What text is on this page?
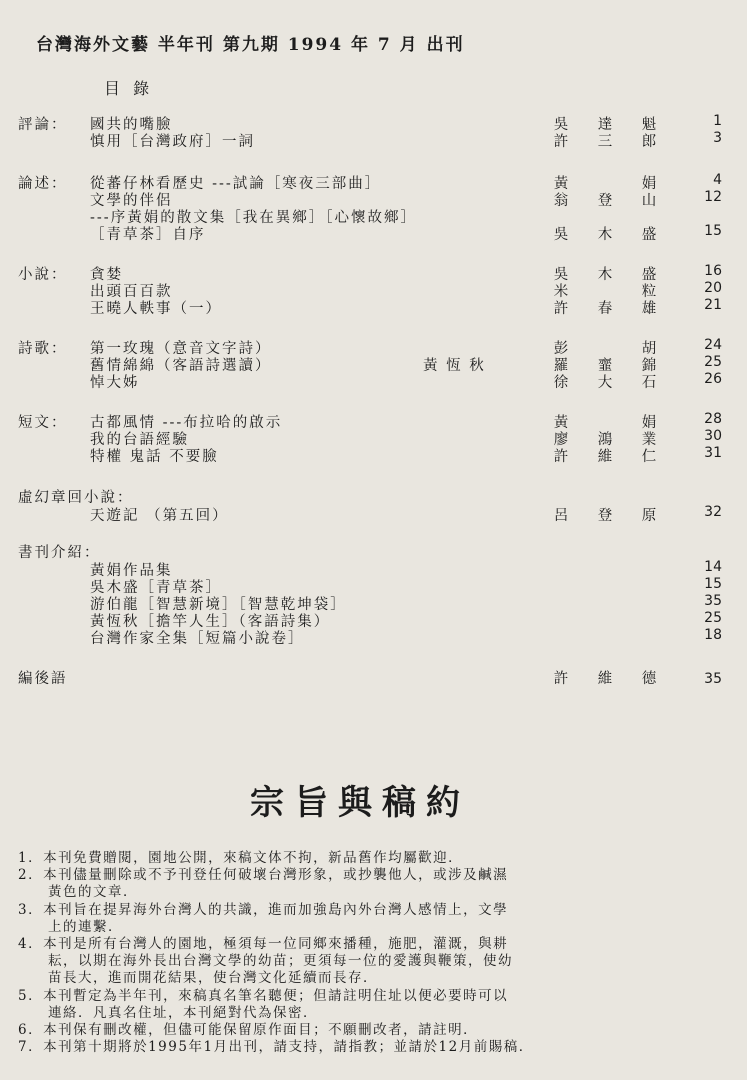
台灣海外文藝 半年刊 第九期 1994 年 7 月 出刊
目 錄
評論： 國共的嘴臉	吳 達 魁	1
慎用［台灣政府］一詞	許 三 郎	3
論述： 從蕃仔林看歷史 ---試論［寒夜三部曲］	黃	娟	4
文學的伴侶	翁 登 山	12
---序黃娟的散文集［我在異鄉］［心懷故鄉］
［青草茶］自序	吳 木 盛	15
小說： 貪婪	吳 木 盛	16
出頭百百款	米	粒	20
王曉人軼事（一）	許 春 雄	21
詩歌： 第一玫瑰（意音文字詩）	彭	胡	24
舊情綿綿（客語詩選讀）	黃 恆 秋	羅 韲 錦	25
悼大姊	徐 大 石	26
短文： 古都風情 ---布拉哈的啟示	黃	娟	28
我的台語經驗	廖 鴻 業	30
特權 鬼話 不要臉	許 維 仁	31
虛幻章回小說：
天遊記 （第五回）	呂 登 原	32
書刊介紹：
黃娟作品集	14
吳木盛［青草茶］	15
游伯龍［智慧新境］［智慧乾坤袋］	35
黃恆秋［擔竿人生］（客語詩集）	25
台灣作家全集［短篇小說卷］	18
編後語	許 維 德	35
宗旨與稿約
1．本刊免費贈閱，園地公開，來稿文体不拘，新品舊作均屬歡迎．
2．本刊儘量刪除或不予刊登任何破壞台灣形象，或抄襲他人，或涉及鹹濕
　　黃色的文章．
3．本刊旨在提昇海外台灣人的共識，進而加強島內外台灣人感情上，文學
　　上的連繫．
4．本刊是所有台灣人的園地，極須每一位同鄉來播種，施肥，灌溉，與耕
　　耘，以期在海外長出台灣文學的幼苗；更須每一位的愛護與鞭策，使幼
　　苗長大，進而開花結果，使台灣文化延續而長存．
5．本刊暫定為半年刊，來稿真名筆名聽便；但請註明住址以便必要時可以
　　連絡．凡真名住址，本刊絕對代為保密．
6．本刊保有刪改權，但儘可能保留原作面目；不願刪改者，請註明．
7．本刊第十期將於1995年1月出刊，請支持，請指教；並請於12月前賜稿．
